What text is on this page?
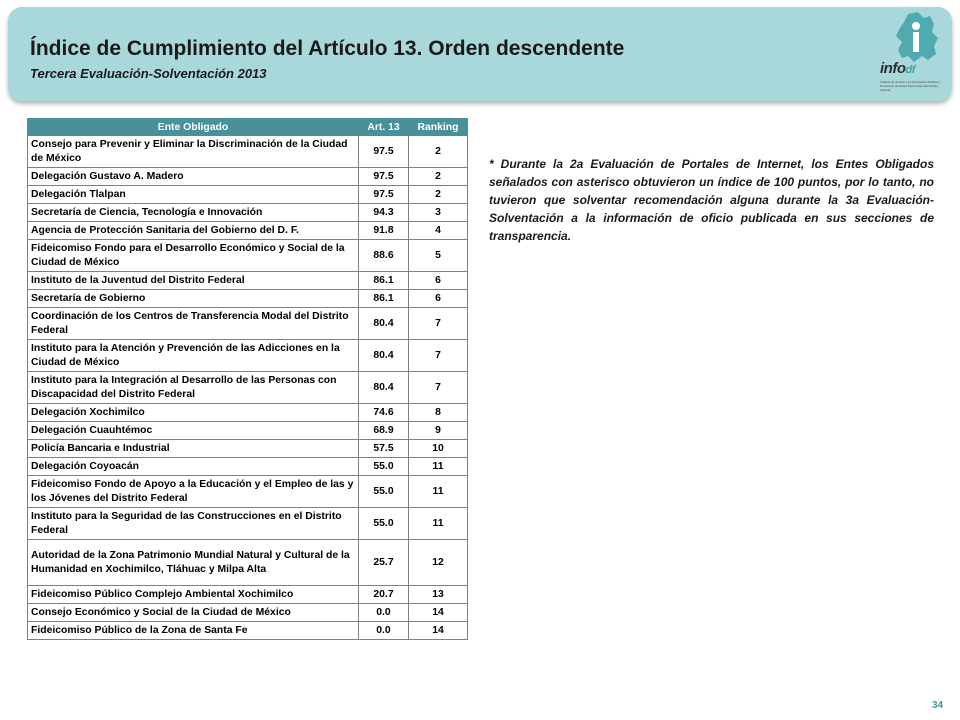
Índice de Cumplimiento del Artículo 13. Orden descendente
Tercera Evaluación-Solventación 2013	infodf
Instituto de Acceso a la Información Pública y Protección de Datos Personales del Distrito Federal
Ente Obligado	Art. 13	Ranking
Consejo para Prevenir y Eliminar la Discriminación de la Ciudad de México	97.5	2
Delegación Gustavo A. Madero	97.5	2
Delegación Tlalpan	97.5	2
Secretaría de Ciencia, Tecnología e Innovación	94.3	3
Agencia de Protección Sanitaria del Gobierno del D. F.	91.8	4
Fideicomiso Fondo para el Desarrollo Económico y Social de la Ciudad de México	88.6	5
Instituto de la Juventud del Distrito Federal	86.1	6
Secretaría de Gobierno	86.1	6
Coordinación de los Centros de Transferencia Modal del Distrito Federal	80.4	7
Instituto para la Atención y Prevención de las Adicciones en la Ciudad de México	80.4	7
Instituto para la Integración al Desarrollo de las Personas con Discapacidad del Distrito Federal	80.4	7
Delegación Xochimilco	74.6	8
Delegación Cuauhtémoc	68.9	9
Policía Bancaria e Industrial	57.5	10
Delegación Coyoacán	55.0	11
Fideicomiso Fondo de Apoyo a la Educación y el Empleo de las y los Jóvenes del Distrito Federal	55.0	11
Instituto para la Seguridad de las Construcciones en el Distrito Federal	55.0	11
Autoridad de la Zona Patrimonio Mundial Natural y Cultural de la Humanidad en Xochimilco, Tláhuac y Milpa Alta	25.7	12
Fideicomiso Público Complejo Ambiental Xochimilco	20.7	13
Consejo Económico y Social de la Ciudad de México	0.0	14
Fideicomiso Público de la Zona de Santa Fe	0.0	14
* Durante la 2a Evaluación de Portales de Internet, los Entes Obligados señalados con asterisco obtuvieron un índice de 100 puntos, por lo tanto, no tuvieron que solventar recomendación alguna durante la 3a Evaluación-Solventación a la información de oficio publicada en sus secciones de transparencia.
34
